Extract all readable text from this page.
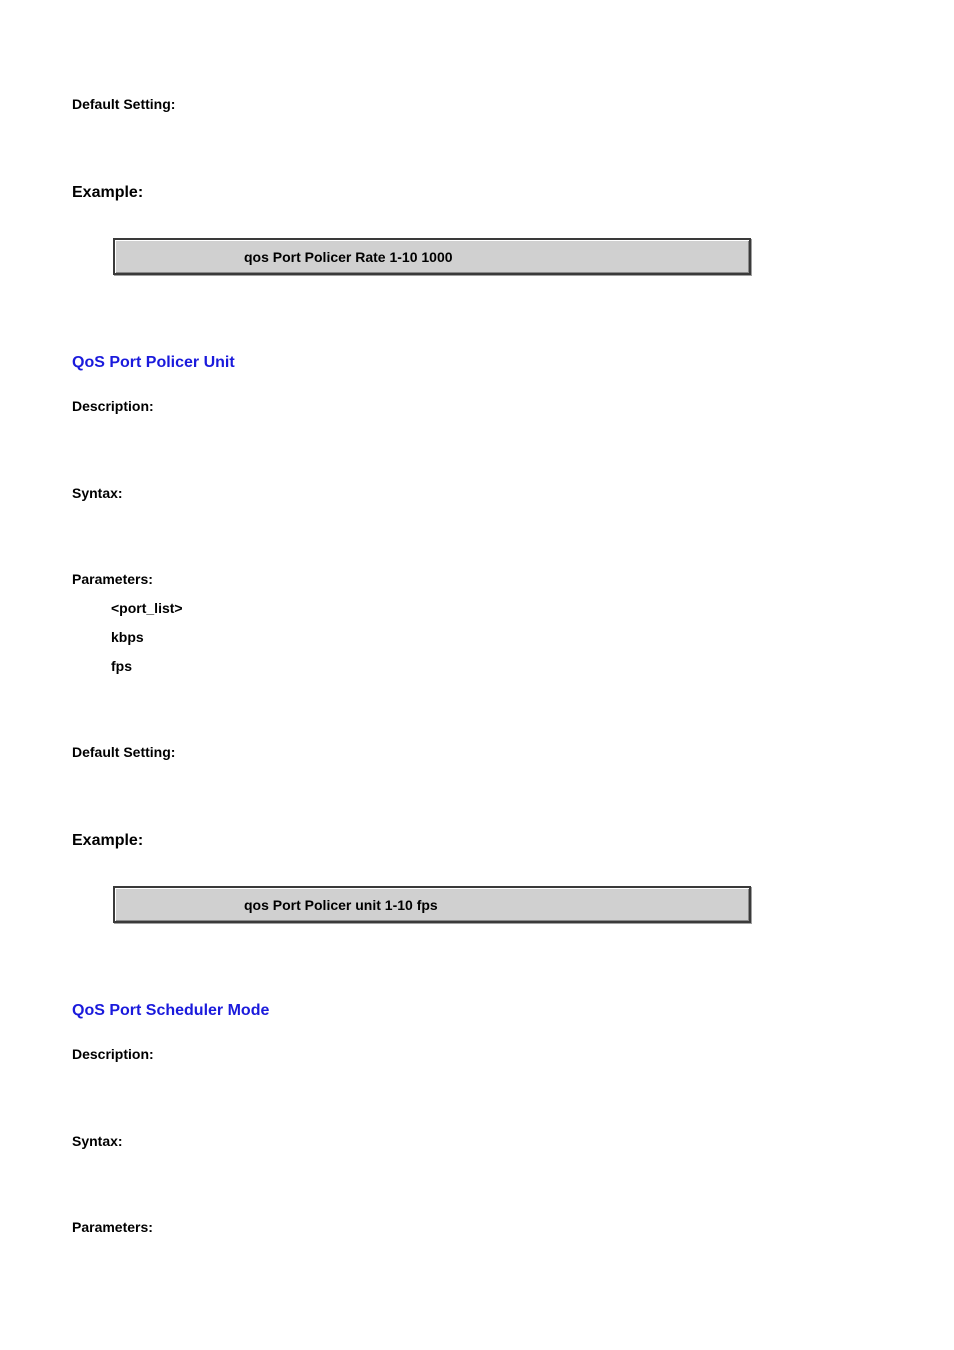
Default Setting:
Example:
qos Port Policer Rate 1-10 1000
QoS Port Policer Unit
Description:
Syntax:
Parameters:
<port_list>
kbps
fps
Default Setting:
Example:
qos Port Policer unit 1-10 fps
QoS Port Scheduler Mode
Description:
Syntax:
Parameters:
